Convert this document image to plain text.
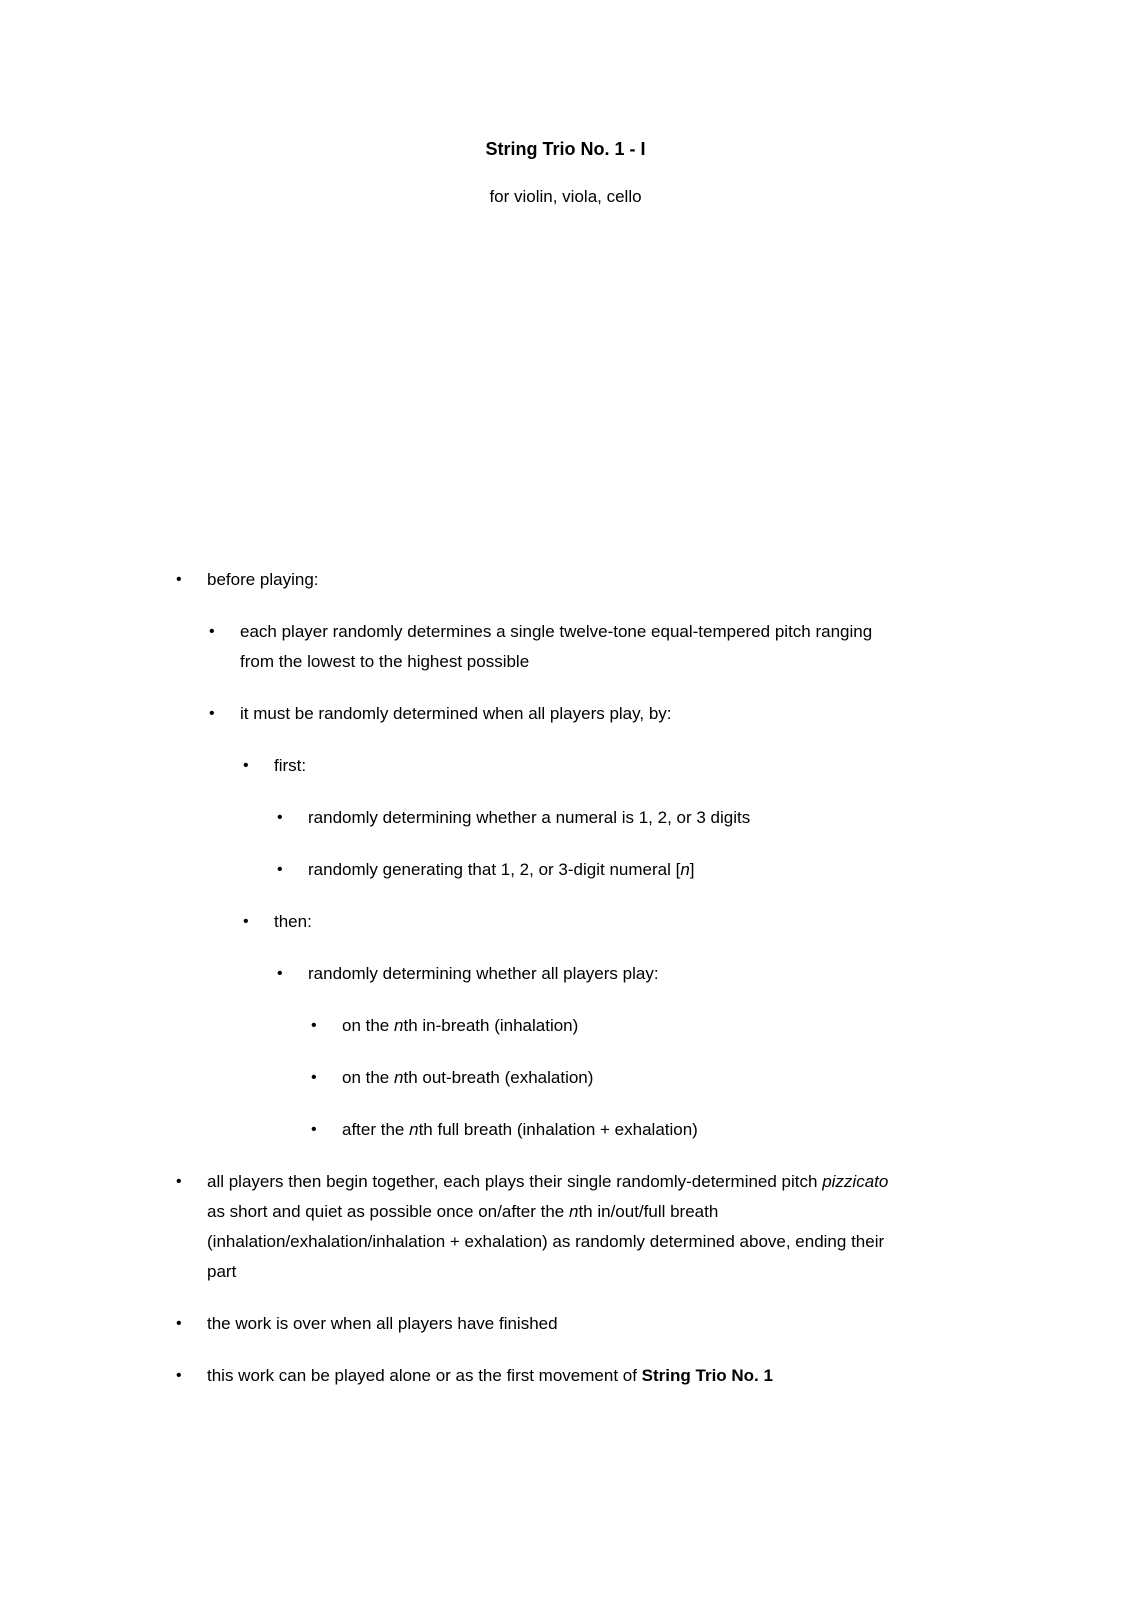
String Trio No. 1 - I
for violin, viola, cello
•	before playing:
•	each player randomly determines a single twelve-tone equal-tempered pitch ranging
from the lowest to the highest possible
•	it must be randomly determined when all players play, by:
•	first:
•	randomly determining whether a numeral is 1, 2, or 3 digits
•	randomly generating that 1, 2, or 3-digit numeral [n]
•	then:
•	randomly determining whether all players play:
•	on the nth in-breath (inhalation)
•	on the nth out-breath (exhalation)
•	after the nth full breath (inhalation + exhalation)
•	all players then begin together, each plays their single randomly-determined pitch pizzicato
as short and quiet as possible once on/after the nth in/out/full breath
(inhalation/exhalation/inhalation + exhalation) as randomly determined above, ending their
part
•	the work is over when all players have finished
•	this work can be played alone or as the first movement of String Trio No. 1
